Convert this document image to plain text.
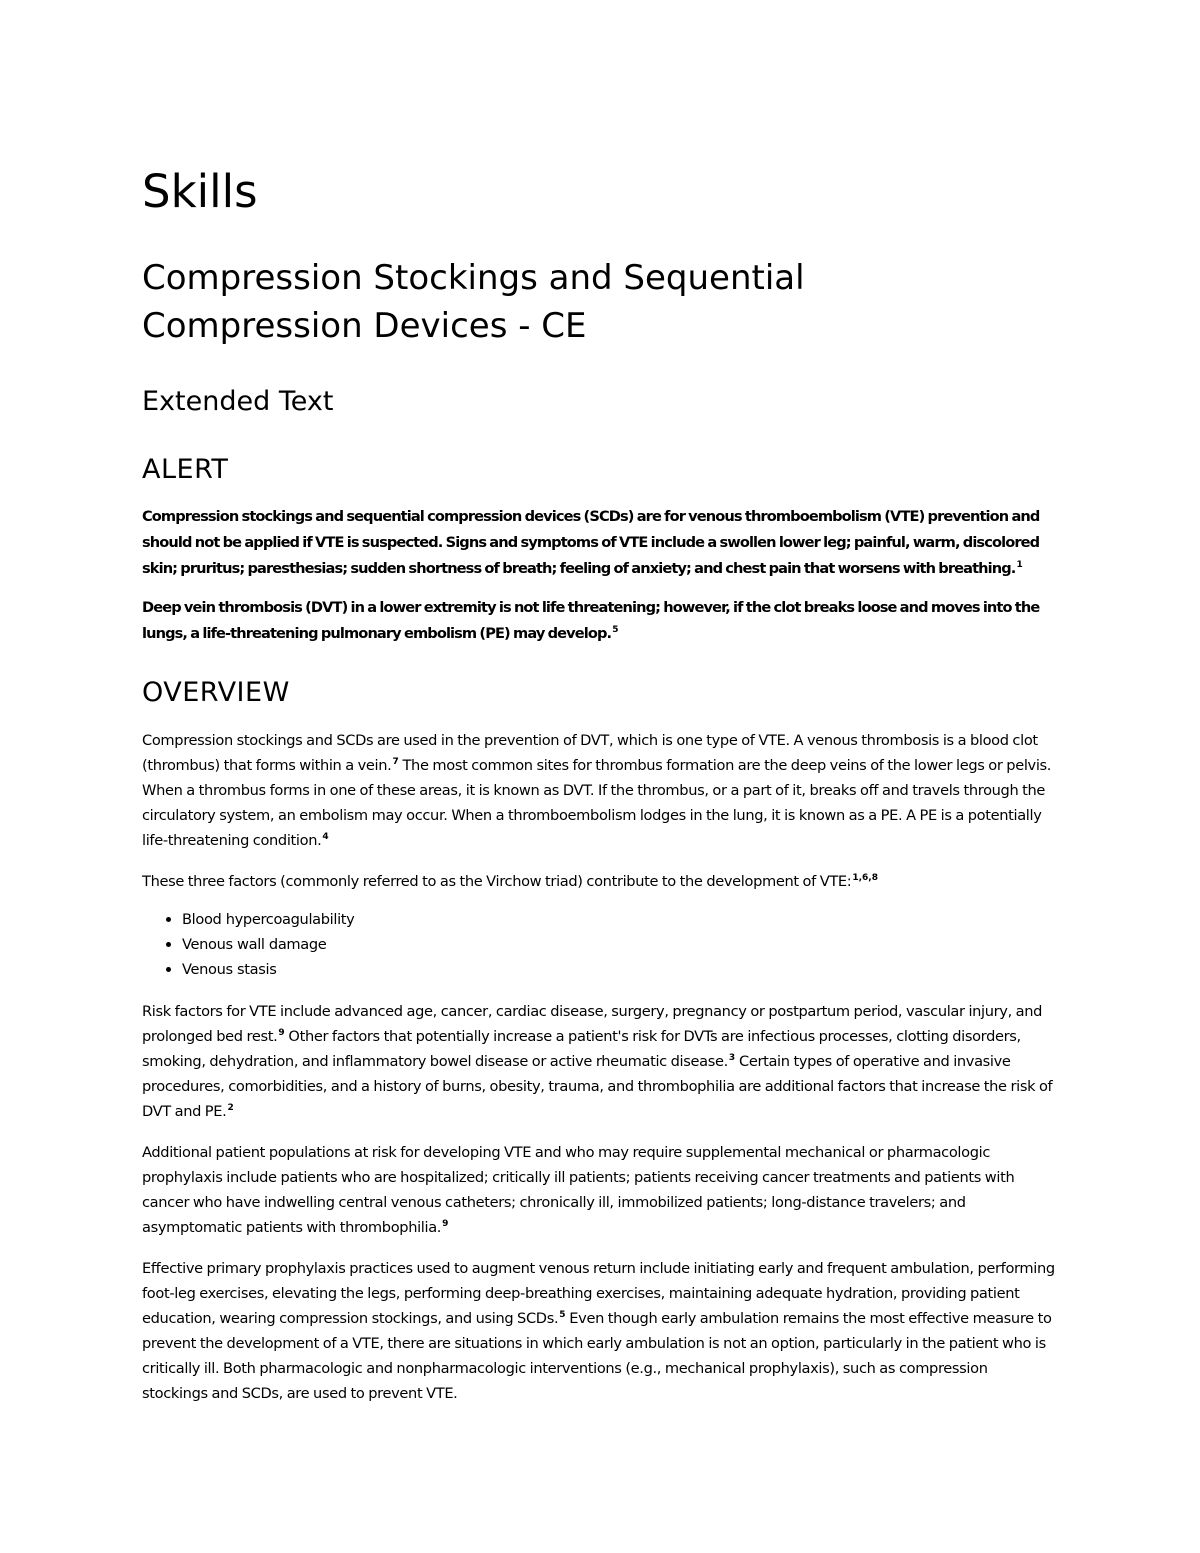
Skills
Compression Stockings and Sequential
Compression Devices - CE
Extended Text
ALERT

Compression stockings and sequential compression devices (SCDs) are for venous thromboembolism (VTE) prevention and should not be applied if VTE is suspected. Signs and symptoms of VTE include a swollen lower leg; painful, warm, discolored skin; pruritus; paresthesias; sudden shortness of breath; feeling of anxiety; and chest pain that worsens with breathing.$^1$

Deep vein thrombosis (DVT) in a lower extremity is not life threatening; however, if the clot breaks loose and moves into the lungs, a life-threatening pulmonary embolism (PE) may develop.$^5$

OVERVIEW

Compression stockings and SCDs are used in the prevention of DVT, which is one type of VTE. A venous thrombosis is a blood clot (thrombus) that forms within a vein.$^7$ The most common sites for thrombus formation are the deep veins of the lower legs or pelvis. When a thrombus forms in one of these areas, it is known as DVT. If the thrombus, or a part of it, breaks off and travels through the circulatory system, an embolism may occur. When a thromboembolism lodges in the lung, it is known as a PE. A PE is a potentially life-threatening condition.$^4$

These three factors (commonly referred to as the Virchow triad) contribute to the development of VTE:$^{1,6,8}$

Blood hypercoagulability
Venous wall damage
Venous stasis

Risk factors for VTE include advanced age, cancer, cardiac disease, surgery, pregnancy or postpartum period, vascular injury, and prolonged bed rest.$^9$ Other factors that potentially increase a patient's risk for DVTs are infectious processes, clotting disorders, smoking, dehydration, and inflammatory bowel disease or active rheumatic disease.$^3$ Certain types of operative and invasive procedures, comorbidities, and a history of burns, obesity, trauma, and thrombophilia are additional factors that increase the risk of DVT and PE.$^2$

Additional patient populations at risk for developing VTE and who may require supplemental mechanical or pharmacologic prophylaxis include patients who are hospitalized; critically ill patients; patients receiving cancer treatments and patients with cancer who have indwelling central venous catheters; chronically ill, immobilized patients; long-distance travelers; and asymptomatic patients with thrombophilia.$^9$

Effective primary prophylaxis practices used to augment venous return include initiating early and frequent ambulation, performing foot-leg exercises, elevating the legs, performing deep-breathing exercises, maintaining adequate hydration, providing patient education, wearing compression stockings, and using SCDs.$^5$ Even though early ambulation remains the most effective measure to prevent the development of a VTE, there are situations in which early ambulation is not an option, particularly in the patient who is critically ill. Both pharmacologic and nonpharmacologic interventions (e.g., mechanical prophylaxis), such as compression stockings and SCDs, are used to prevent VTE.
